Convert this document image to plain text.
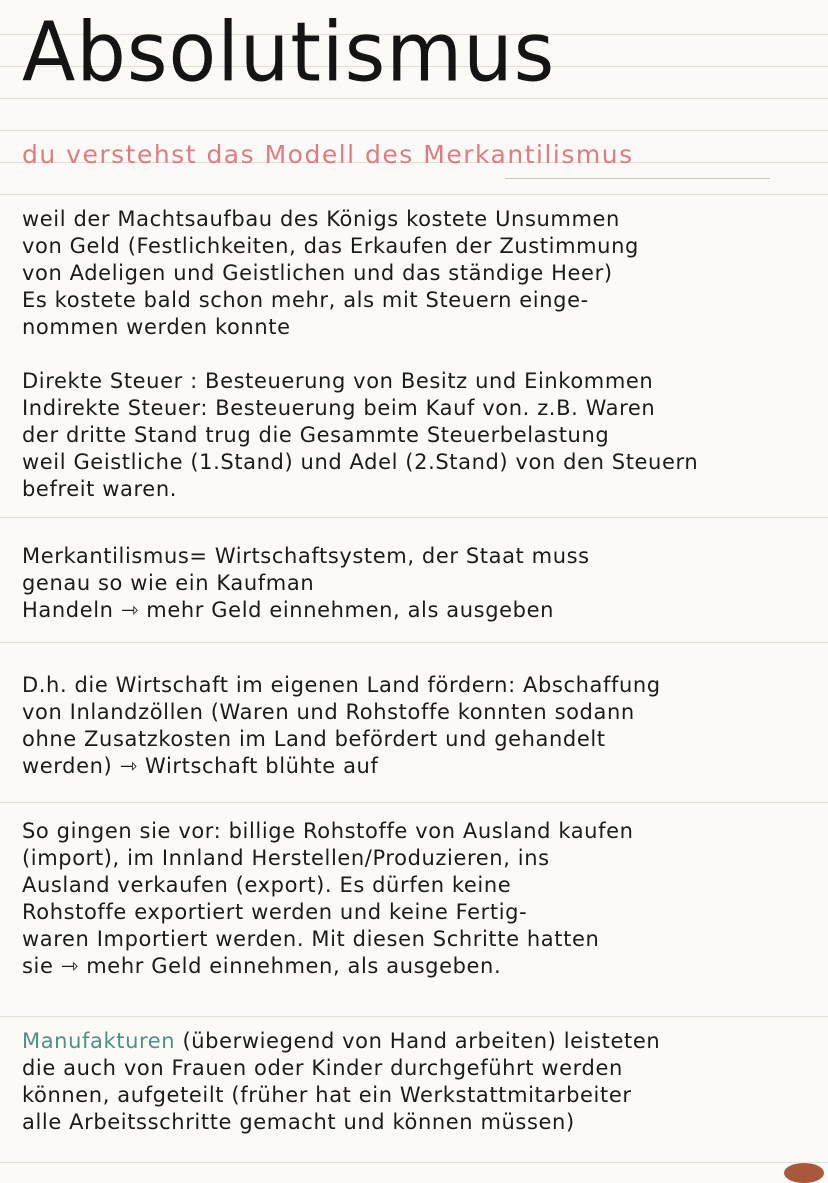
Absolutismus
du verstehst das Modell des Merkantilismus
weil der Machtsaufbau des Königs kostete Unsummen
von Geld (Festlichkeiten, das Erkaufen der Zustimmung
von Adeligen und Geistlichen und das ständige Heer)
Es kostete bald schon mehr, als mit Steuern einge-
nommen werden konnte
Direkte Steuer : Besteuerung von Besitz und Einkommen
Indirekte Steuer: Besteuerung beim Kauf von. z.B. Waren
der dritte Stand trug die Gesammte Steuerbelastung
weil Geistliche (1.Stand) und Adel (2.Stand) von den Steuern
befreit waren.
Merkantilismus= Wirtschaftsystem, der Staat muss
genau so wie ein Kaufman
Handeln ⇾ mehr Geld einnehmen, als ausgeben
D.h. die Wirtschaft im eigenen Land fördern: Abschaffung
von Inlandzöllen (Waren und Rohstoffe konnten sodann
ohne Zusatzkosten im Land befördert und gehandelt
werden) ⇾ Wirtschaft blühte auf
So gingen sie vor: billige Rohstoffe von Ausland kaufen
(import), im Innland Herstellen/Produzieren, ins
Ausland verkaufen (export). Es dürfen keine
Rohstoffe exportiert werden und keine Fertig-
waren Importiert werden. Mit diesen Schritte hatten
sie ⇾ mehr Geld einnehmen, als ausgeben.
Manufakturen (überwiegend von Hand arbeiten) leisteten
die auch von Frauen oder Kinder durchgeführt werden
können, aufgeteilt (früher hat ein Werkstattmitarbeiter
alle Arbeitsschritte gemacht und können müssen)
